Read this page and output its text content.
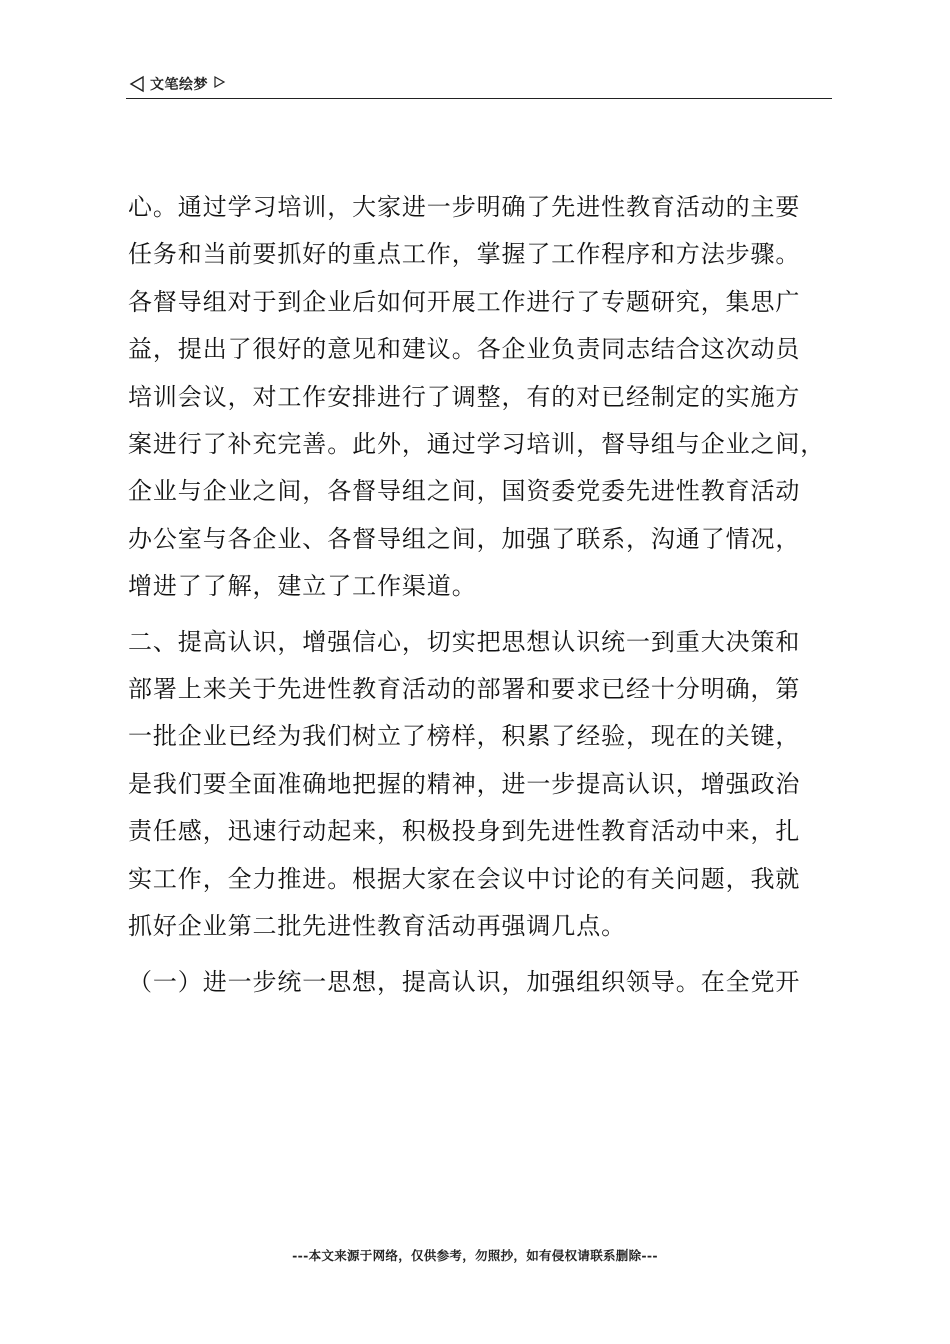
文笔绘梦
心。通过学习培训，大家进一步明确了先进性教育活动的主要
任务和当前要抓好的重点工作，掌握了工作程序和方法步骤。
各督导组对于到企业后如何开展工作进行了专题研究，集思广
益，提出了很好的意见和建议。各企业负责同志结合这次动员
培训会议，对工作安排进行了调整，有的对已经制定的实施方
案进行了补充完善。此外，通过学习培训，督导组与企业之间，
企业与企业之间，各督导组之间，国资委党委先进性教育活动
办公室与各企业、各督导组之间，加强了联系，沟通了情况，
增进了了解，建立了工作渠道。
二、提高认识，增强信心，切实把思想认识统一到重大决策和
部署上来关于先进性教育活动的部署和要求已经十分明确，第
一批企业已经为我们树立了榜样，积累了经验，现在的关键，
是我们要全面准确地把握的精神，进一步提高认识，增强政治
责任感，迅速行动起来，积极投身到先进性教育活动中来，扎
实工作，全力推进。根据大家在会议中讨论的有关问题，我就
抓好企业第二批先进性教育活动再强调几点。
（一）进一步统一思想，提高认识，加强组织领导。在全党开
---本文来源于网络，仅供参考，勿照抄，如有侵权请联系删除---
